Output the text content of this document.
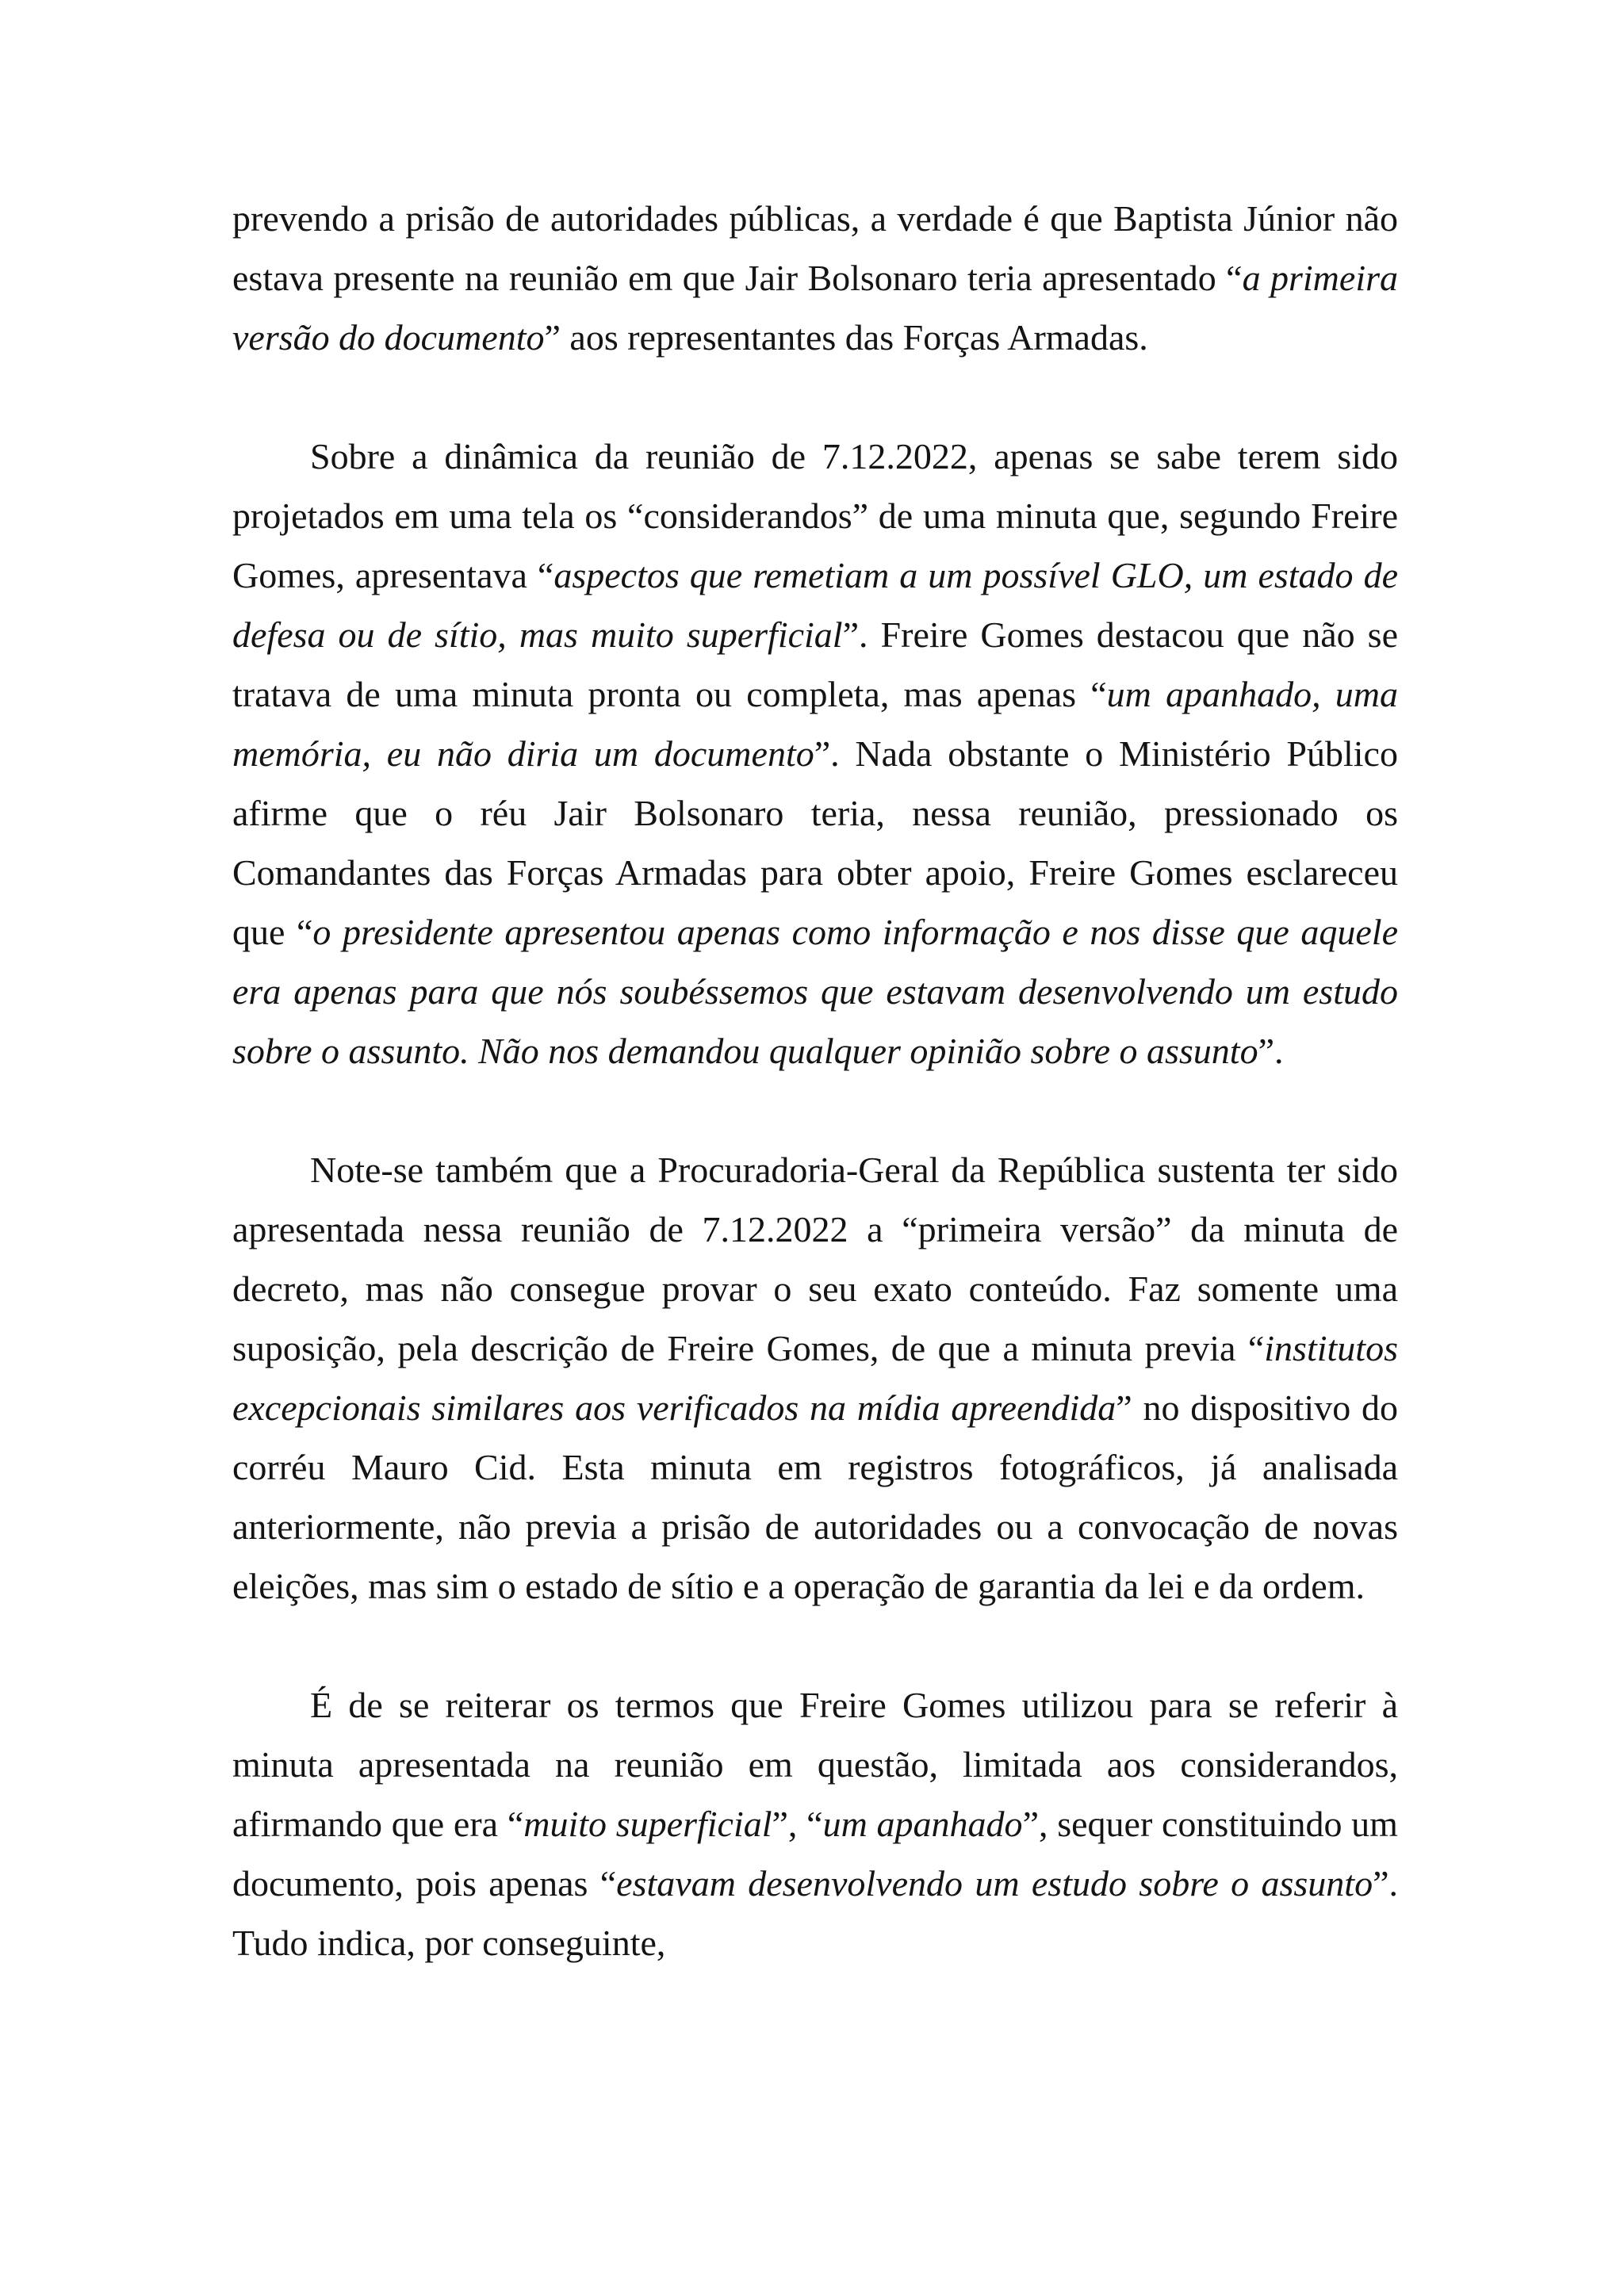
prevendo a prisão de autoridades públicas, a verdade é que Baptista Júnior não estava presente na reunião em que Jair Bolsonaro teria apresentado “a primeira versão do documento” aos representantes das Forças Armadas.

Sobre a dinâmica da reunião de 7.12.2022, apenas se sabe terem sido projetados em uma tela os “considerandos” de uma minuta que, segundo Freire Gomes, apresentava “aspectos que remetiam a um possível GLO, um estado de defesa ou de sítio, mas muito superficial”. Freire Gomes destacou que não se tratava de uma minuta pronta ou completa, mas apenas “um apanhado, uma memória, eu não diria um documento”. Nada obstante o Ministério Público afirme que o réu Jair Bolsonaro teria, nessa reunião, pressionado os Comandantes das Forças Armadas para obter apoio, Freire Gomes esclareceu que “o presidente apresentou apenas como informação e nos disse que aquele era apenas para que nós soubéssemos que estavam desenvolvendo um estudo sobre o assunto. Não nos demandou qualquer opinião sobre o assunto”.

Note-se também que a Procuradoria-Geral da República sustenta ter sido apresentada nessa reunião de 7.12.2022 a “primeira versão” da minuta de decreto, mas não consegue provar o seu exato conteúdo. Faz somente uma suposição, pela descrição de Freire Gomes, de que a minuta previa “institutos excepcionais similares aos verificados na mídia apreendida” no dispositivo do corréu Mauro Cid. Esta minuta em registros fotográficos, já analisada anteriormente, não previa a prisão de autoridades ou a convocação de novas eleições, mas sim o estado de sítio e a operação de garantia da lei e da ordem.

É de se reiterar os termos que Freire Gomes utilizou para se referir à minuta apresentada na reunião em questão, limitada aos considerandos, afirmando que era “muito superficial”, “um apanhado”, sequer constituindo um documento, pois apenas “estavam desenvolvendo um estudo sobre o assunto”. Tudo indica, por conseguinte,
